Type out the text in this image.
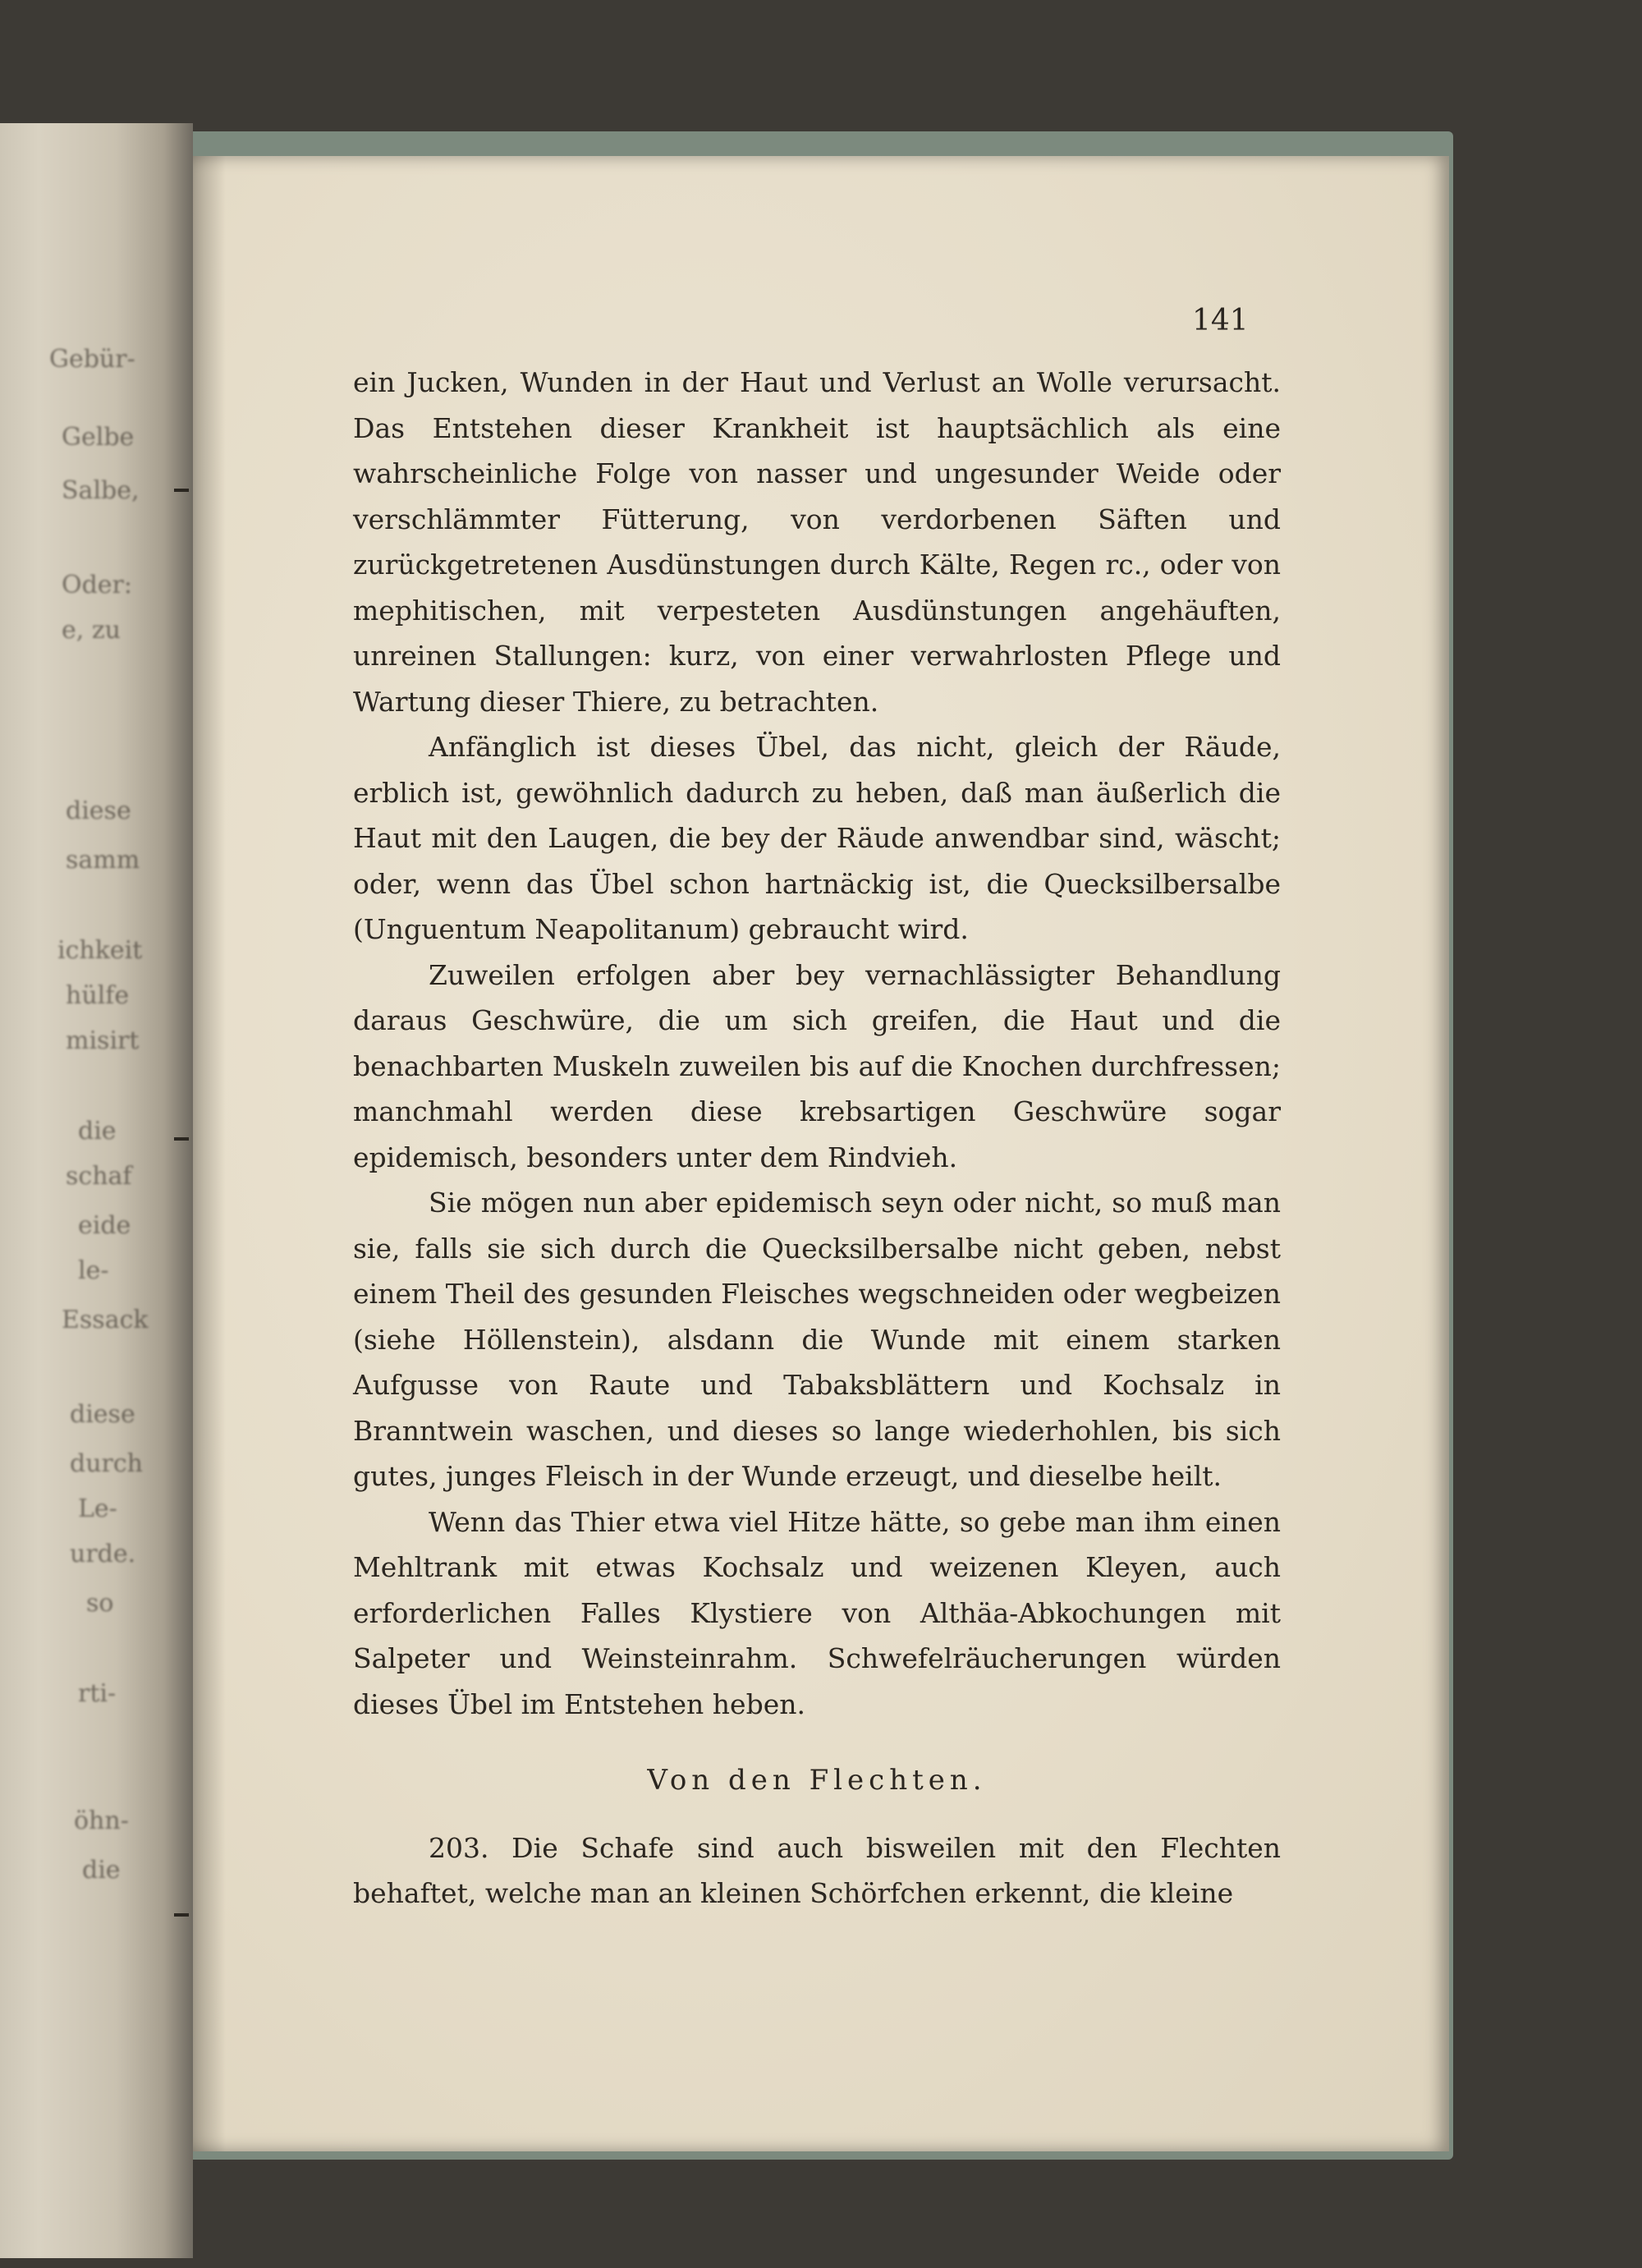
Gebür-
Gelbe
Salbe,
Oder:
e, zu
diese
samm
ichkeit
hülfe
misirt
die
schaf
eide
le-
Essack
diese
durch
Le-
urde.
so
rti-
öhn-
die
141

ein Jucken, Wunden in der Haut und Verlust an Wolle verursacht. Das Entstehen dieser Krankheit ist hauptsächlich als eine wahrscheinliche Folge von nasser und ungesunder Weide oder verschlämmter Fütterung, von verdorbenen Säften und zurückgetretenen Ausdünstungen durch Kälte, Regen rc., oder von mephitischen, mit verpesteten Ausdünstungen angehäuften, unreinen Stallungen: kurz, von einer verwahrlosten Pflege und Wartung dieser Thiere, zu betrachten.

Anfänglich ist dieses Übel, das nicht, gleich der Räude, erblich ist, gewöhnlich dadurch zu heben, daß man äußerlich die Haut mit den Laugen, die bey der Räude anwendbar sind, wäscht; oder, wenn das Übel schon hartnäckig ist, die Quecksilbersalbe (Unguentum Neapolitanum) gebraucht wird.

Zuweilen erfolgen aber bey vernachlässigter Behandlung daraus Geschwüre, die um sich greifen, die Haut und die benachbarten Muskeln zuweilen bis auf die Knochen durchfressen; manchmahl werden diese krebsartigen Geschwüre sogar epidemisch, besonders unter dem Rindvieh.

Sie mögen nun aber epidemisch seyn oder nicht, so muß man sie, falls sie sich durch die Quecksilbersalbe nicht geben, nebst einem Theil des gesunden Fleisches wegschneiden oder wegbeizen (siehe Höllenstein), alsdann die Wunde mit einem starken Aufgusse von Raute und Tabaksblättern und Kochsalz in Branntwein waschen, und dieses so lange wiederhohlen, bis sich gutes, junges Fleisch in der Wunde erzeugt, und dieselbe heilt.

Wenn das Thier etwa viel Hitze hätte, so gebe man ihm einen Mehltrank mit etwas Kochsalz und weizenen Kleyen, auch erforderlichen Falles Klystiere von Althäa-Abkochungen mit Salpeter und Weinsteinrahm. Schwefelräucherungen würden dieses Übel im Entstehen heben.

Von den Flechten.

203. Die Schafe sind auch bisweilen mit den Flechten behaftet, welche man an kleinen Schörfchen erkennt, die kleine
